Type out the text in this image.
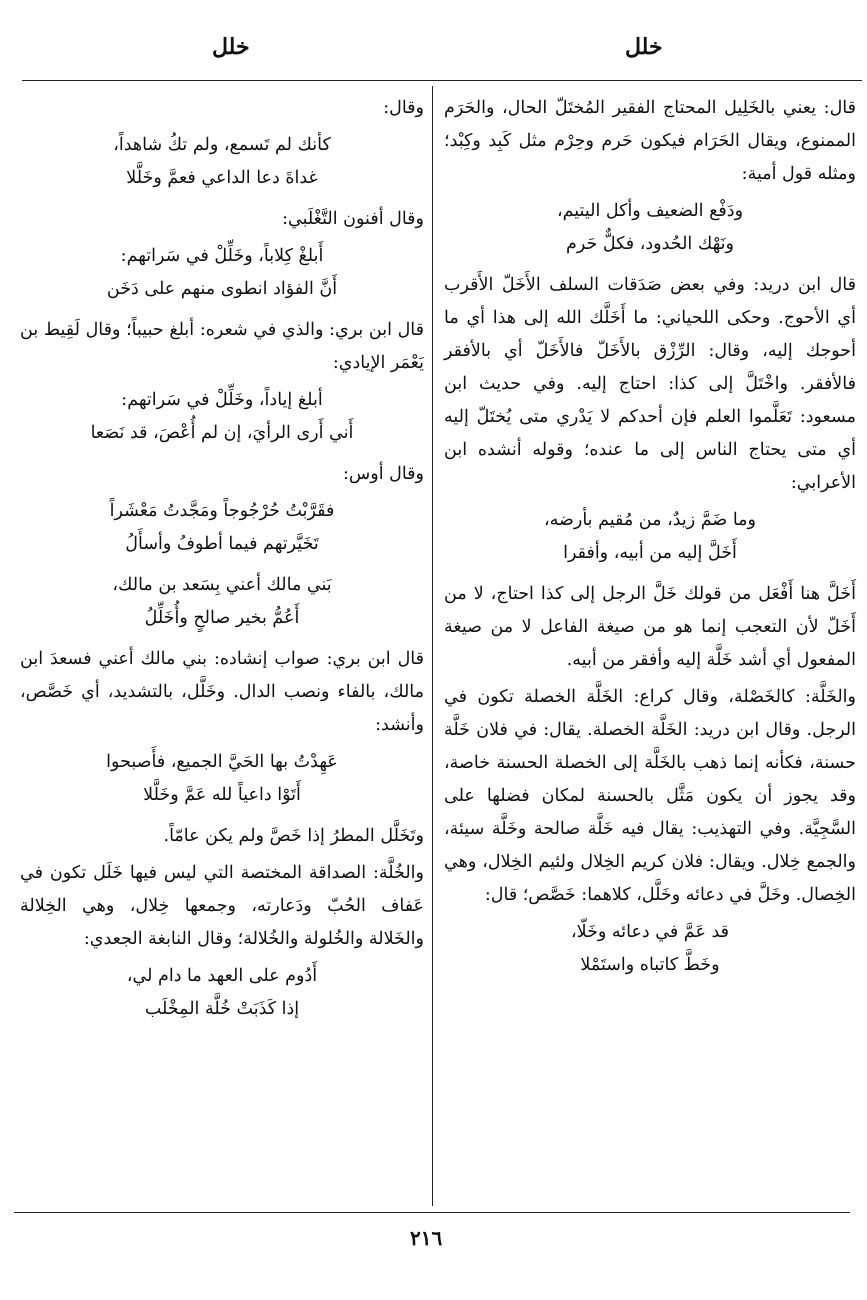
خلل
خلل

قال: يعني بالخَلِيل المحتاج الفقير المُختَلّ الحال، والحَرَم الممنوع، ويقال الحَرَام فيكون حَرم وحِرْم مثل كَبِد وكِبْد؛ ومثله قول أمية:

ودَفْع الضعيف وأكل اليتيم،
ونَهْك الحُدود، فكلٌّ حَرم

قال ابن دريد: وفي بعض صَدَقات السلف الأَخَلّ الأَقرب أي الأحوج. وحكى اللحياني: ما أَخَلَّك الله إلى هذا أي ما أحوجك إليه، وقال: الرِّزْق بالأَخَلّ فالأَخَلّ أي بالأفقر فالأفقر. واخْتَلَّ إلى كذا: احتاج إليه. وفي حديث ابن مسعود: تَعَلَّموا العلم فإن أحدكم لا يَدْري متى يُختَلّ إليه أي متى يحتاج الناس إلى ما عنده؛ وقوله أنشده ابن الأعرابي:

وما ضَمَّ زيدٌ، من مُقيم بأرضه،
أَخَلَّ إليه من أبيه، وأفقرا

أَخَلَّ هنا أَفْعَل من قولك خَلَّ الرجل إلى كذا احتاج، لا من أَخَلّ لأن التعجب إنما هو من صيغة الفاعل لا من صيغة المفعول أي أشد خَلَّة إليه وأفقر من أبيه.

والخَلَّة: كالخَصْلة، وقال كراع: الخَلَّة الخصلة تكون في الرجل. وقال ابن دريد: الخَلَّة الخصلة. يقال: في فلان خَلَّة حسنة، فكأنه إنما ذهب بالخَلَّة إلى الخصلة الحسنة خاصة، وقد يجوز أن يكون مَثَّل بالحسنة لمكان فضلها على السَّجِيَّة. وفي التهذيب: يقال فيه خَلَّة صالحة وخَلَّة سيئة، والجمع خِلال. ويقال: فلان كريم الخِلال ولئيم الخِلال، وهي الخِصال. وخَلَّ في دعائه وخَلَّل، كلاهما: خَصَّص؛ قال:

قد عَمَّ في دعائه وخَلّا،
وخَطَّ كاتباه واستَمْلا

وقال:

كأنك لم تَسمع، ولم تكُ شاهداً،
غداةَ دعا الداعي فعمَّ وخَلَّلا

وقال أفنون التَّغْلَبي:

أَبلغْ كِلاباً، وخَلِّلْ في سَراتهم:
أَنَّ الفؤاد انطوى منهم على دَخَن

قال ابن بري: والذي في شعره: أبلغ حبيباً؛ وقال لَقِيط بن يَعْمَر الإيادي:

أبلغ إياداً، وخَلِّلْ في سَراتهم:
أَني أَرى الرأيَ، إن لم أُعْصَ، قد نَصَعا

وقال أوس:

فقَرَّبْتُ حُرْجُوجاً ومَجَّدتُ مَعْشَراً
تَخَيَّرتهم فيما أطوفُ وأسأَلُ
بَني مالك أعني بِسَعد بن مالك،
أَعُمُّ بخير صالحٍ وأُخَلِّلُ

قال ابن بري: صواب إنشاده: بني مالك أعني فسعدَ ابن مالك، بالفاء ونصب الدال. وخَلَّل، بالتشديد، أي خَصَّص، وأنشد:

عَهِدْتُ بها الحَيَّ الجميع، فأَصبحوا
أَتَوْا داعياً لله عَمَّ وخَلَّلا

وتَخَلَّل المطرُ إذا خَصَّ ولم يكن عامّاً.

والخُلَّة: الصداقة المختصة التي ليس فيها خَلَل تكون في عَفاف الحُبّ ودَعارته، وجمعها خِلال، وهي الخِلالة والخَلالة والخُلولة والخُلالة؛ وقال النابغة الجعدي:

أَدُوم على العهد ما دام لي،
إذا كَذَبَتْ خُلَّة المِخْلَب
٢١٦
